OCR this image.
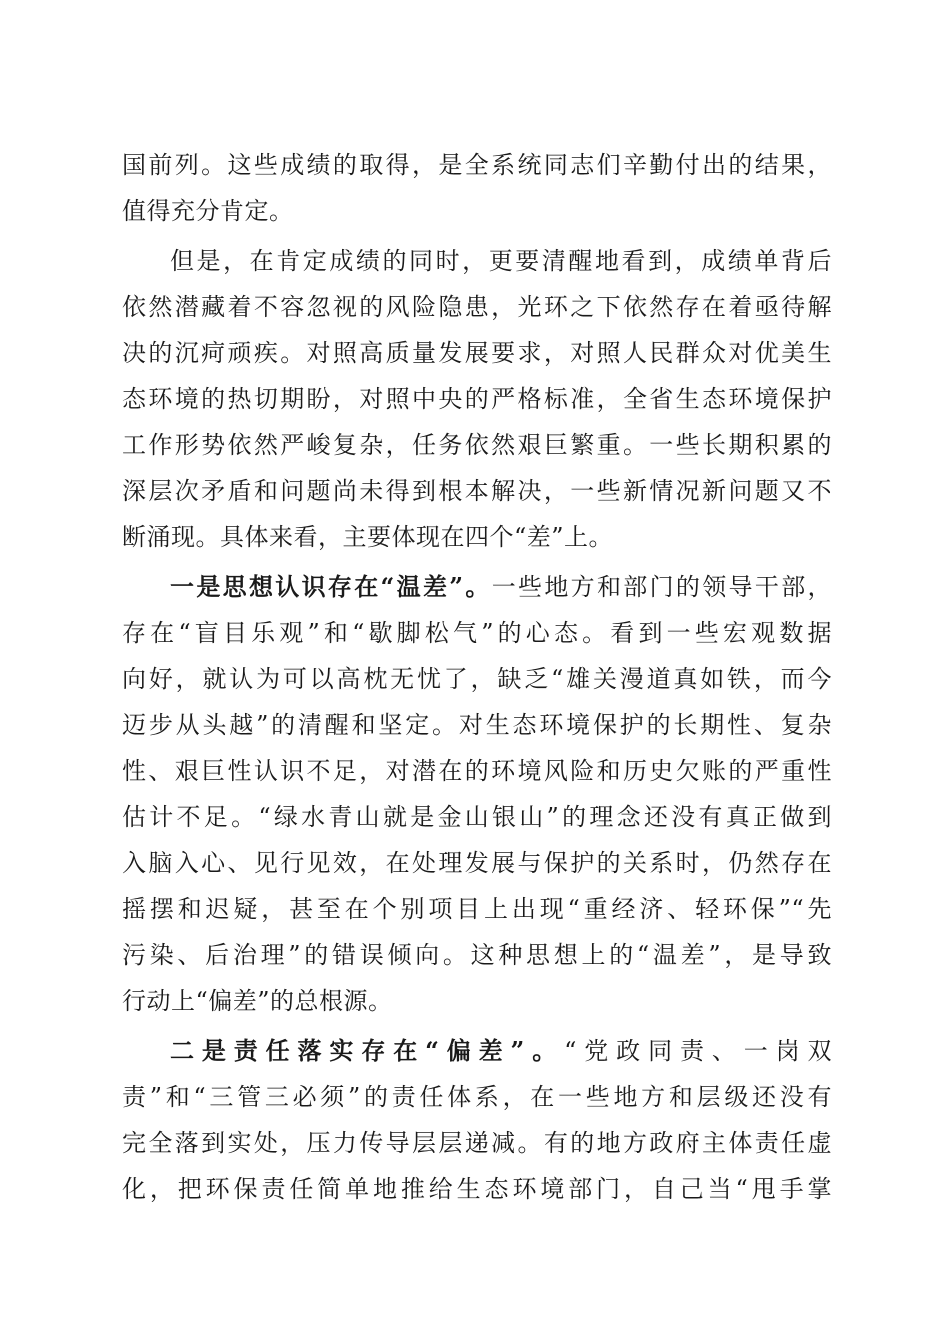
国前列。这些成绩的取得，是全系统同志们辛勤付出的结果，
值得充分肯定。
但是，在肯定成绩的同时，更要清醒地看到，成绩单背后
依然潜藏着不容忽视的风险隐患，光环之下依然存在着亟待解
决的沉疴顽疾。对照高质量发展要求，对照人民群众对优美生
态环境的热切期盼，对照中央的严格标准，全省生态环境保护
工作形势依然严峻复杂，任务依然艰巨繁重。一些长期积累的
深层次矛盾和问题尚未得到根本解决，一些新情况新问题又不
断涌现。具体来看，主要体现在四个“差”上。
一是思想认识存在“温差”。一些地方和部门的领导干部，
存在“盲目乐观”和“歇脚松气”的心态。看到一些宏观数据
向好，就认为可以高枕无忧了，缺乏“雄关漫道真如铁，而今
迈步从头越”的清醒和坚定。对生态环境保护的长期性、复杂
性、艰巨性认识不足，对潜在的环境风险和历史欠账的严重性
估计不足。“绿水青山就是金山银山”的理念还没有真正做到
入脑入心、见行见效，在处理发展与保护的关系时，仍然存在
摇摆和迟疑，甚至在个别项目上出现“重经济、轻环保”“先
污染、后治理”的错误倾向。这种思想上的“温差”，是导致
行动上“偏差”的总根源。
二是责任落实存在“偏差”。“党政同责、一岗双
责”和“三管三必须”的责任体系，在一些地方和层级还没有
完全落到实处，压力传导层层递减。有的地方政府主体责任虚
化，把环保责任简单地推给生态环境部门，自己当“甩手掌
